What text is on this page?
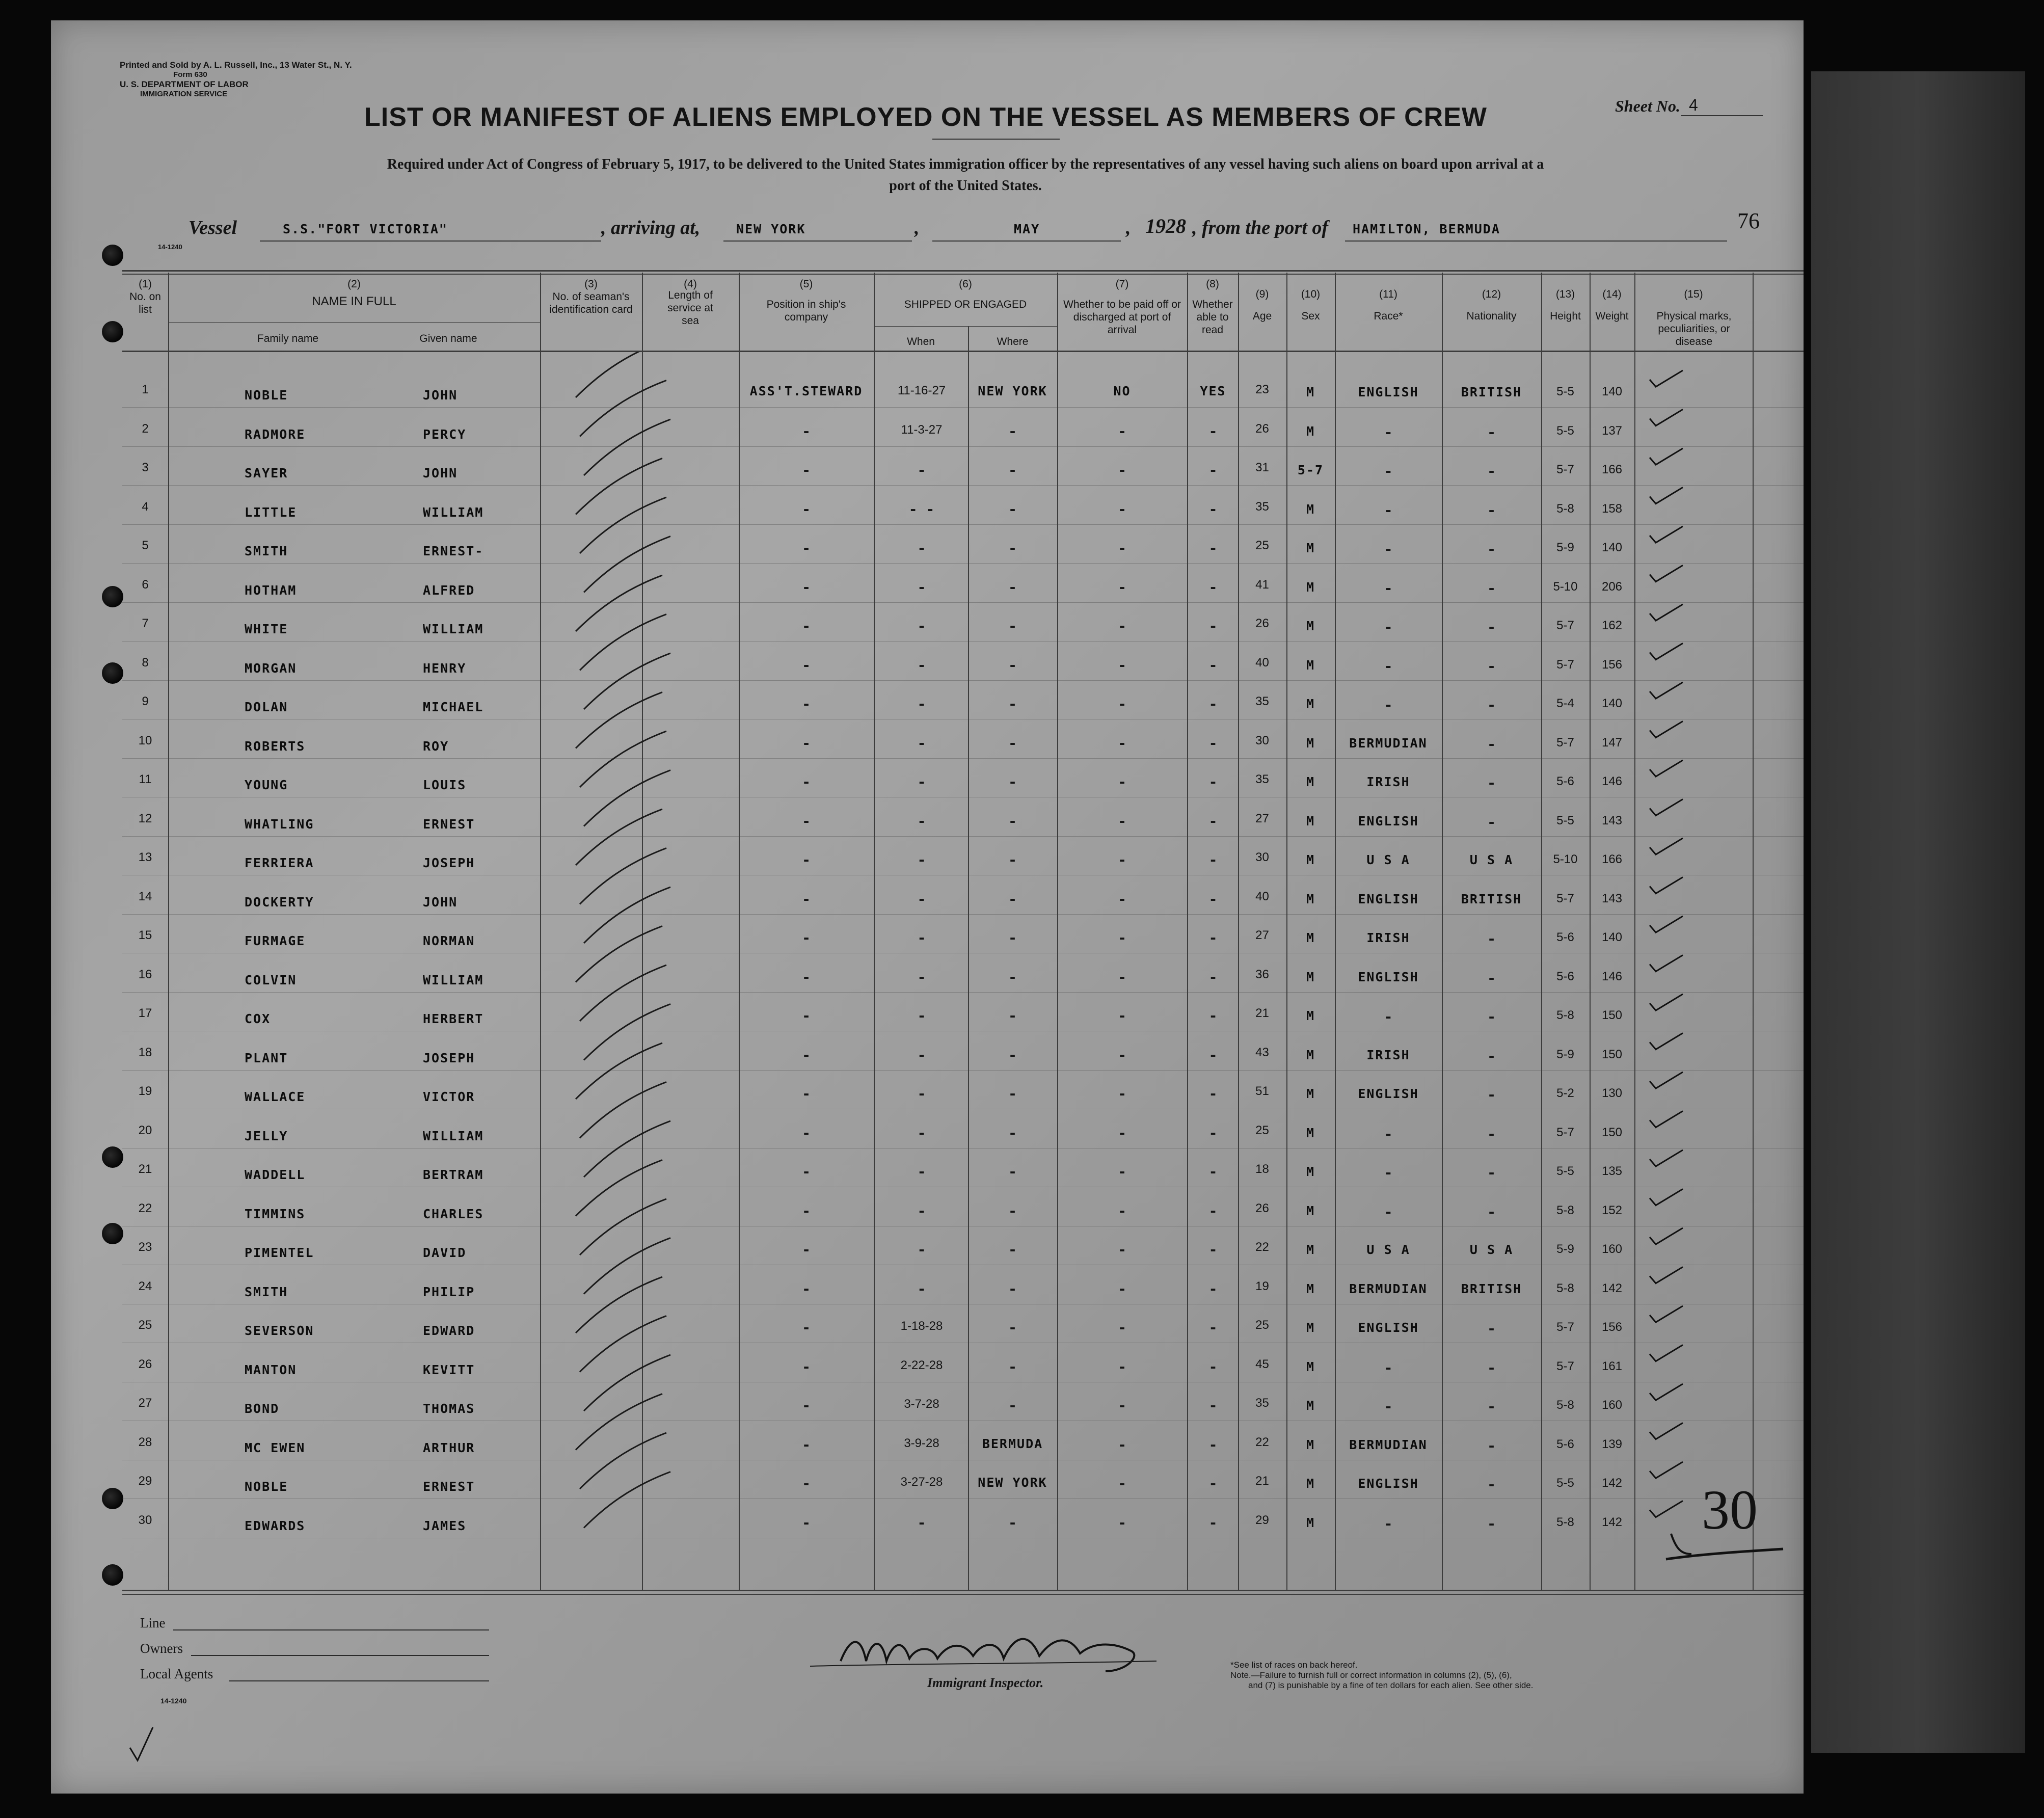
Printed and Sold by A. L. Russell, Inc., 13 Water St., N. Y.
Form 630
U. S. DEPARTMENT OF LABOR
IMMIGRATION SERVICE
LIST OR MANIFEST OF ALIENS EMPLOYED ON THE VESSEL AS MEMBERS OF CREW	Sheet No. 4
Required under Act of Congress of February 5, 1917, to be delivered to the United States immigration officer by the representatives of any vessel having such aliens on board upon arrival at a
port of the United States.
76
14-1240
Vessel	S.S."FORT VICTORIA"	, arriving at,	NEW YORK	,	MAY	, 1928 , from the port of HAMILTON, BERMUDA
(1)
No. on list
(2)
NAME IN FULL
Family name	Given name
(3)
No. of seaman's identification card
(4)
Length of service at sea
(5)
Position in ship's company
(6)
SHIPPED OR ENGAGED
When	Where
(7)
Whether to be paid off or discharged at port of arrival
(8)
Whether able to read
(9)
Age
(10)
Sex
(11)
Race*
(12)
Nationality
(13)
Height
(14)
Weight
(15)
Physical marks, peculiarities, or disease
1	NOBLE	JOHN	ASS'T.STEWARD	11-16-27	NEW YORK	NO	YES	23	M	ENGLISH	BRITISH	5-5	140
2	RADMORE	PERCY	-	11-3-27	-	-	-	26	M	-	-	5-5	137
3	SAYER	JOHN	-	-	-	-	-	31	5-7	-	-	5-7	166
4	LITTLE	WILLIAM	-	- -	-	-	-	35	M	-	-	5-8	158
5	SMITH	ERNEST-	-	-	-	-	-	25	M	-	-	5-9	140
6	HOTHAM	ALFRED	-	-	-	-	-	41	M	-	-	5-10	206
7	WHITE	WILLIAM	-	-	-	-	-	26	M	-	-	5-7	162
8	MORGAN	HENRY	-	-	-	-	-	40	M	-	-	5-7	156
9	DOLAN	MICHAEL	-	-	-	-	-	35	M	-	-	5-4	140
10	ROBERTS	ROY	-	-	-	-	-	30	M	BERMUDIAN	-	5-7	147
11	YOUNG	LOUIS	-	-	-	-	-	35	M	IRISH	-	5-6	146
12	WHATLING	ERNEST	-	-	-	-	-	27	M	ENGLISH	-	5-5	143
13	FERRIERA	JOSEPH	-	-	-	-	-	30	M	U S A	U S A	5-10	166
14	DOCKERTY	JOHN	-	-	-	-	-	40	M	ENGLISH	BRITISH	5-7	143
15	FURMAGE	NORMAN	-	-	-	-	-	27	M	IRISH	-	5-6	140
16	COLVIN	WILLIAM	-	-	-	-	-	36	M	ENGLISH	-	5-6	146
17	COX	HERBERT	-	-	-	-	-	21	M	-	-	5-8	150
18	PLANT	JOSEPH	-	-	-	-	-	43	M	IRISH	-	5-9	150
19	WALLACE	VICTOR	-	-	-	-	-	51	M	ENGLISH	-	5-2	130
20	JELLY	WILLIAM	-	-	-	-	-	25	M	-	-	5-7	150
21	WADDELL	BERTRAM	-	-	-	-	-	18	M	-	-	5-5	135
22	TIMMINS	CHARLES	-	-	-	-	-	26	M	-	-	5-8	152
23	PIMENTEL	DAVID	-	-	-	-	-	22	M	U S A	U S A	5-9	160
24	SMITH	PHILIP	-	-	-	-	-	19	M	BERMUDIAN	BRITISH	5-8	142
25	SEVERSON	EDWARD	-	1-18-28	-	-	-	25	M	ENGLISH	-	5-7	156
26	MANTON	KEVITT	-	2-22-28	-	-	-	45	M	-	-	5-7	161
27	BOND	THOMAS	-	3-7-28	-	-	-	35	M	-	-	5-8	160
28	MC EWEN	ARTHUR	-	3-9-28	BERMUDA	-	-	22	M	BERMUDIAN	-	5-6	139
29	NOBLE	ERNEST	-	3-27-28	NEW YORK	-	-	21	M	ENGLISH	-	5-5	142
30	EDWARDS	JAMES	-	-	-	-	-	29	M	-	-	5-8	142 30
Line
Owners
Local Agents
14-1240
Immigrant Inspector.
*See list of races on back hereof.
Note.—Failure to furnish full or correct information in columns (2), (5), (6),
and (7) is punishable by a fine of ten dollars for each alien. See other side.
